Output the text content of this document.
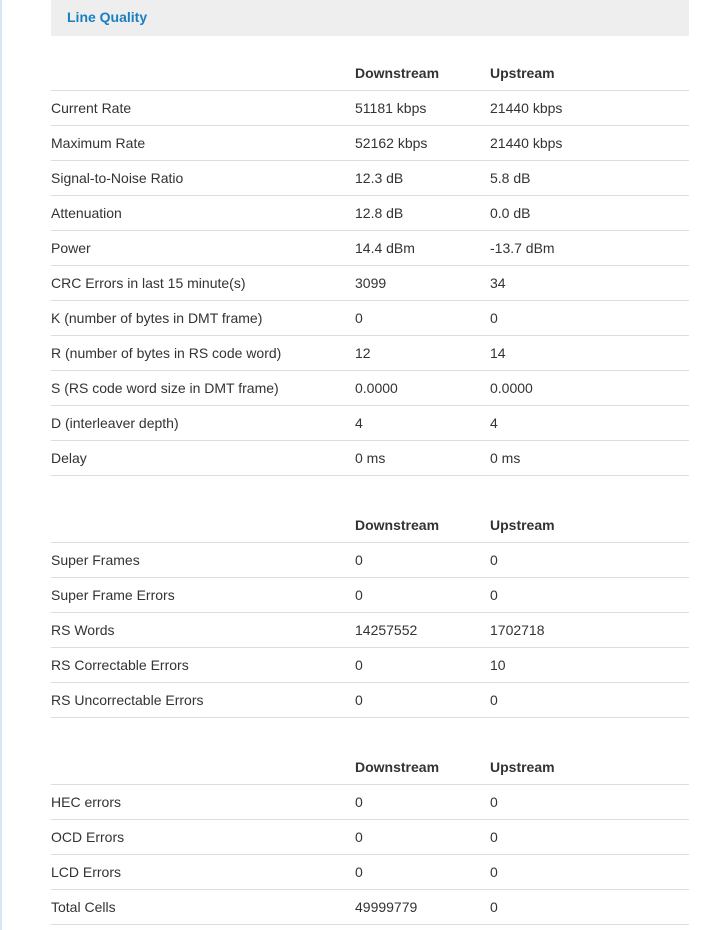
Line Quality
	Downstream	Upstream
Current Rate	51181 kbps	21440 kbps
Maximum Rate	52162 kbps	21440 kbps
Signal-to-Noise Ratio	12.3 dB	5.8 dB
Attenuation	12.8 dB	0.0 dB
Power	14.4 dBm	-13.7 dBm
CRC Errors in last 15 minute(s)	3099	34
K (number of bytes in DMT frame)	0	0
R (number of bytes in RS code word)	12	14
S (RS code word size in DMT frame)	0.0000	0.0000
D (interleaver depth)	4	4
Delay	0 ms	0 ms
	Downstream	Upstream
Super Frames	0	0
Super Frame Errors	0	0
RS Words	14257552	1702718
RS Correctable Errors	0	10
RS Uncorrectable Errors	0	0
	Downstream	Upstream
HEC errors	0	0
OCD Errors	0	0
LCD Errors	0	0
Total Cells	49999779	0
